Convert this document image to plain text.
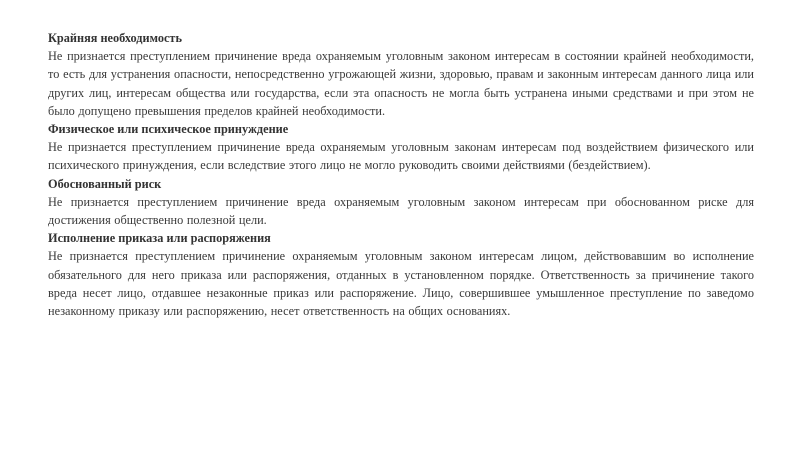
Крайняя необходимость

Не признается преступлением причинение вреда охраняемым уголовным законом интересам в состоянии крайней необходимости, то есть для устранения опасности, непосредственно угрожающей жизни, здоровью, правам и законным интересам данного лица или других лиц, интересам общества или государства, если эта опасность не могла быть устранена иными средствами и при этом не было допущено превышения пределов крайней необходимости.

Физическое или психическое принуждение

Не признается преступлением причинение вреда охраняемым уголовным законам интересам под воздействием физического или психического принуждения, если вследствие этого лицо не могло руководить своими действиями (бездействием).

Обоснованный риск

Не признается преступлением причинение вреда охраняемым уголовным законом интересам при обоснованном риске для достижения общественно полезной цели.

Исполнение приказа или распоряжения

Не признается преступлением причинение охраняемым уголовным законом интересам лицом, действовавшим во исполнение обязательного для него приказа или распоряжения, отданных в установленном порядке. Ответственность за причинение такого вреда несет лицо, отдавшее незаконные приказ или распоряжение. Лицо, совершившее умышленное преступление по заведомо незаконному приказу или распоряжению, несет ответственность на общих основаниях.
